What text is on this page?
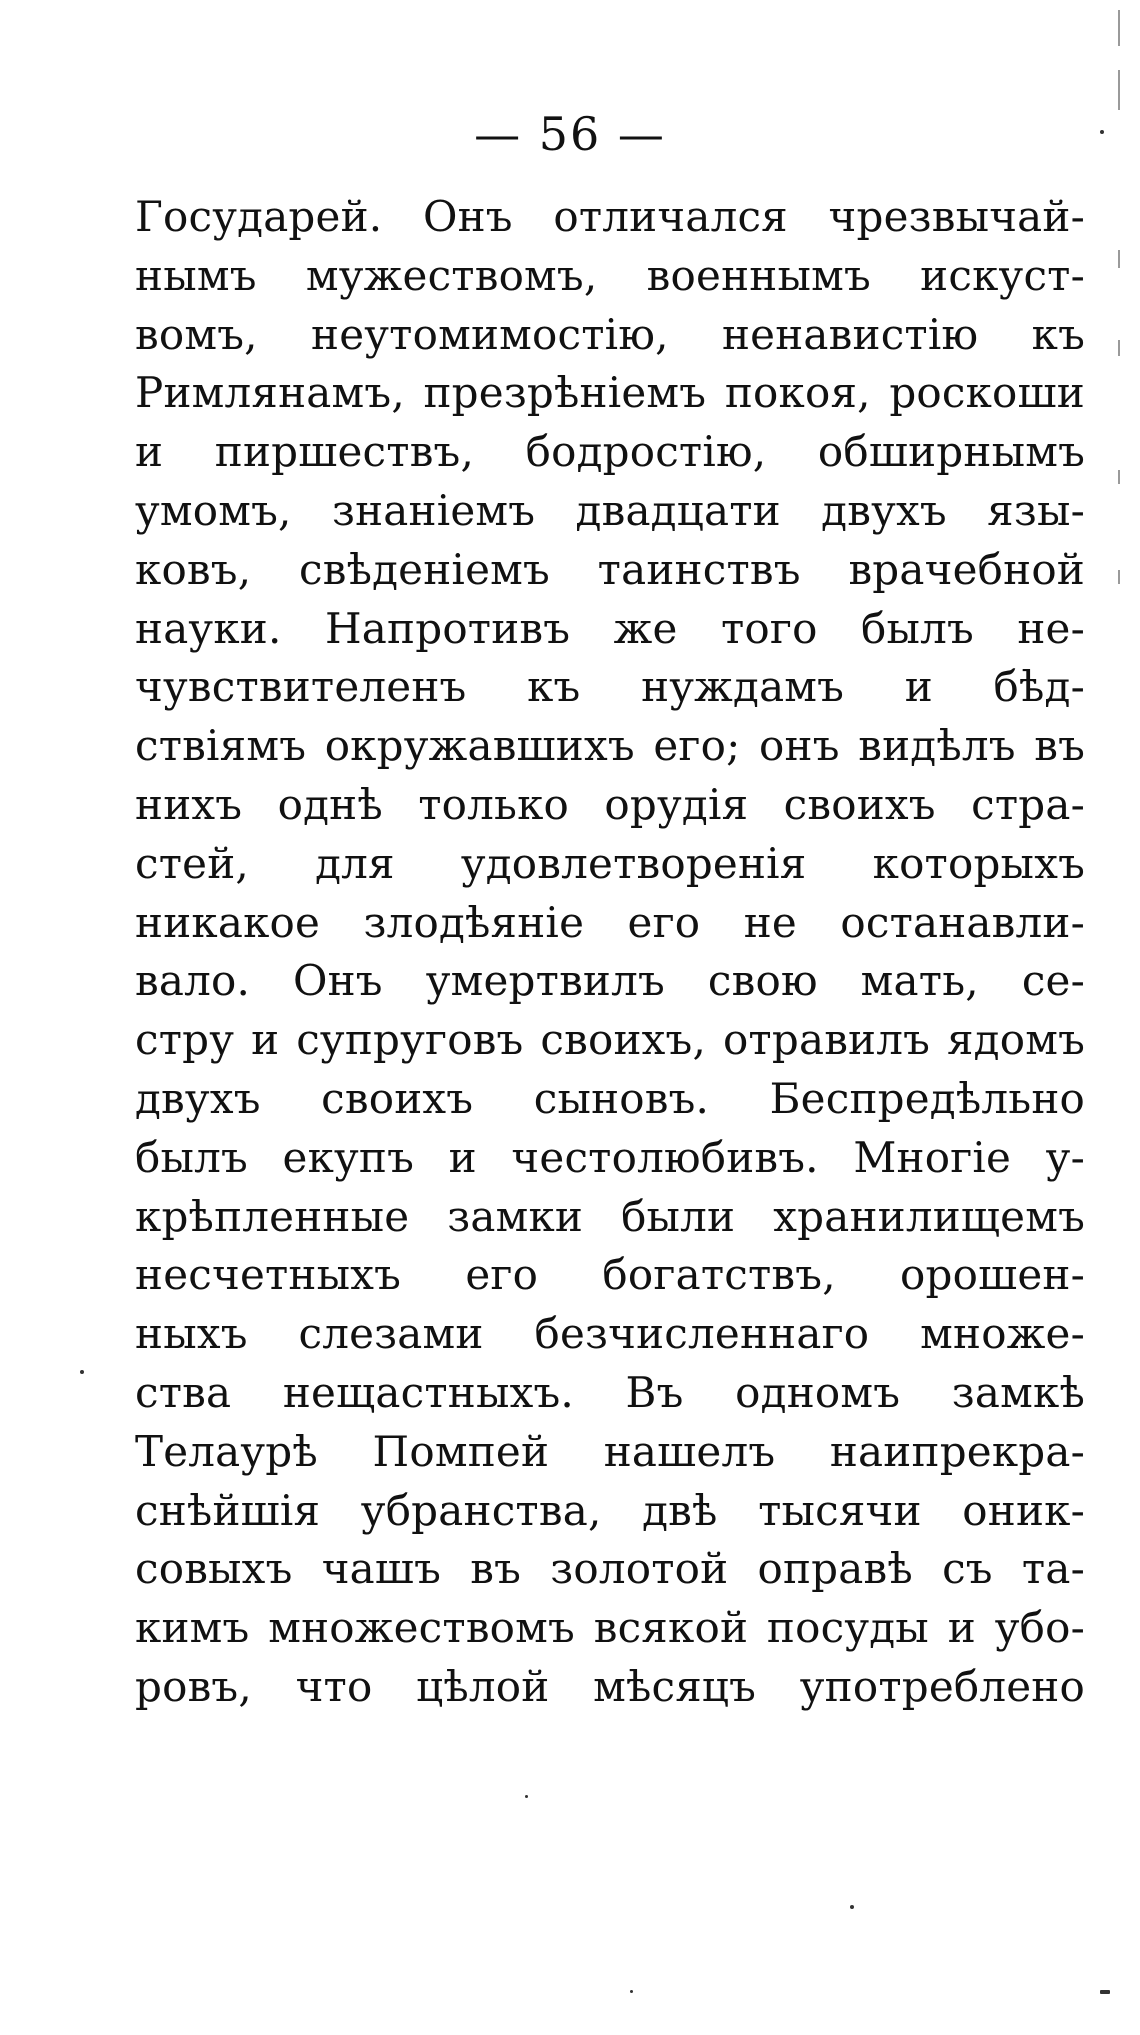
— 56 —
Государей. Онъ отличался чрезвычай-
нымъ мужествомъ, военнымъ искуст-
вомъ, неутомимостію, ненавистію къ
Римлянамъ, презрѣніемъ покоя, роскоши
и пиршествъ, бодростію, обширнымъ
умомъ, знаніемъ двадцати двухъ язы-
ковъ, свѣденіемъ таинствъ врачебной
науки. Напротивъ же того былъ не-
чувствителенъ къ нуждамъ и бѣд-
ствіямъ окружавшихъ его; онъ видѣлъ въ
нихъ однѣ только орудія своихъ стра-
стей, для удовлетворенія которыхъ
никакое злодѣяніе его не останавли-
вало. Онъ умертвилъ свою мать, се-
стру и супруговъ своихъ, отравилъ ядомъ
двухъ своихъ сыновъ. Беспредѣльно
былъ екупъ и честолюбивъ. Многіе у-
крѣпленные замки были хранилищемъ
несчетныхъ его богатствъ, орошен-
ныхъ слезами безчисленнаго множе-
ства нещастныхъ. Въ одномъ замкѣ
Телаурѣ Помпей нашелъ наипрекра-
снѣйшія убранства, двѣ тысячи оник-
совыхъ чашъ въ золотой оправѣ съ та-
кимъ множествомъ всякой посуды и убо-
ровъ, что цѣлой мѣсяцъ употреблено
